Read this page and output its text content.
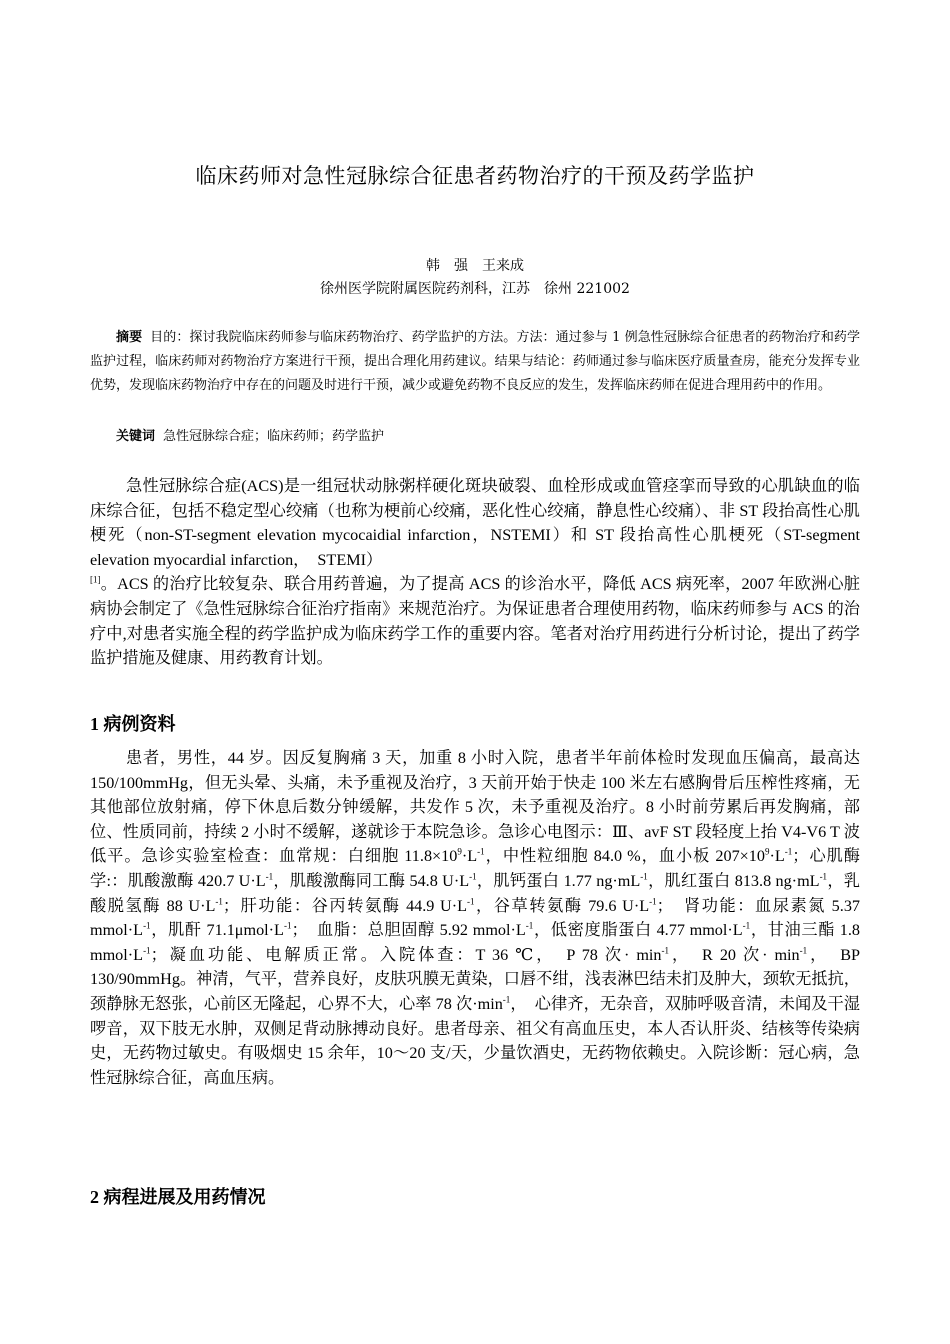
临床药师对急性冠脉综合征患者药物治疗的干预及药学监护
韩　强　王来成
徐州医学院附属医院药剂科，江苏　徐州 221002
摘要 目的：探讨我院临床药师参与临床药物治疗、药学监护的方法。方法：通过参与 1 例急性冠脉综合征患者的药物治疗和药学监护过程，临床药师对药物治疗方案进行干预，提出合理化用药建议。结果与结论：药师通过参与临床医疗质量查房，能充分发挥专业优势，发现临床药物治疗中存在的问题及时进行干预，减少或避免药物不良反应的发生，发挥临床药师在促进合理用药中的作用。
关键词 急性冠脉综合症；临床药师；药学监护
急性冠脉综合症(ACS)是一组冠状动脉粥样硬化斑块破裂、血栓形成或血管痉挛而导致的心肌缺血的临床综合征，包括不稳定型心绞痛（也称为梗前心绞痛，恶化性心绞痛，静息性心绞痛）、非 ST 段抬高性心肌梗死（non-ST-segment elevation mycocaidial infarction，NSTEMI）和 ST 段抬高性心肌梗死（ST-segment elevation myocardial infarction，　STEMI）
[1]。ACS 的治疗比较复杂、联合用药普遍，为了提高 ACS 的诊治水平，降低 ACS 病死率，2007 年欧洲心脏病协会制定了《急性冠脉综合征治疗指南》来规范治疗。为保证患者合理使用药物，临床药师参与 ACS 的治疗中,对患者实施全程的药学监护成为临床药学工作的重要内容。笔者对治疗用药进行分析讨论，提出了药学监护措施及健康、用药教育计划。
1 病例资料
患者，男性，44 岁。因反复胸痛 3 天，加重 8 小时入院，患者半年前体检时发现血压偏高，最高达 150/100mmHg，但无头晕、头痛，未予重视及治疗，3 天前开始于快走 100 米左右感胸骨后压榨性疼痛，无其他部位放射痛，停下休息后数分钟缓解，共发作 5 次，未予重视及治疗。8 小时前劳累后再发胸痛，部位、性质同前，持续 2 小时不缓解，遂就诊于本院急诊。急诊心电图示：Ⅲ、avF ST 段轻度上抬 V4-V6 T 波低平。急诊实验室检查：血常规：白细胞 $11.8\times 10^9\cdot L^{-1}$，中性粒细胞 84.0 %，血小板 $207\times 10^9\cdot L^{-1}$；心肌酶学:：肌酸激酶 420.7 $U\cdot L^{-1}$，肌酸激酶同工酶 54.8 $U\cdot L^{-1}$，肌钙蛋白 1.77 $ng\cdot mL^{-1}$，肌红蛋白 813.8 $ng\cdot mL^{-1}$，乳酸脱氢酶 88 $U\cdot L^{-1}$；肝功能：谷丙转氨酶 44.9 $U\cdot L^{-1}$，谷草转氨酶 79.6 $U\cdot L^{-1}$；　肾功能：血尿素氮 5.37 $mmol\cdot L^{-1}$，肌酐 $71.1\mu mol\cdot L^{-1}$；　血脂：总胆固醇 5.92 $mmol\cdot L^{-1}$，低密度脂蛋白 4.77 $mmol\cdot L^{-1}$，甘油三酯 1.8 $mmol\cdot L^{-1}$；凝血功能、电解质正常。入院体查：T 36 ℃，　P 78 次· $\min^{-1}$，　R 20 次· $\min^{-1}$，　BP 130/90mmHg。神清，气平，营养良好，皮肤巩膜无黄染，口唇不绀，浅表淋巴结未扪及肿大，颈软无抵抗，颈静脉无怒张，心前区无隆起，心界不大，心率 78 次$\cdot\min^{-1}$，　心律齐，无杂音，双肺呼吸音清，未闻及干湿啰音，双下肢无水肿，双侧足背动脉搏动良好。患者母亲、祖父有高血压史，本人否认肝炎、结核等传染病史，无药物过敏史。有吸烟史 15 余年，10～20 支/天，少量饮酒史，无药物依赖史。入院诊断：冠心病，急性冠脉综合征，高血压病。
2 病程进展及用药情况
